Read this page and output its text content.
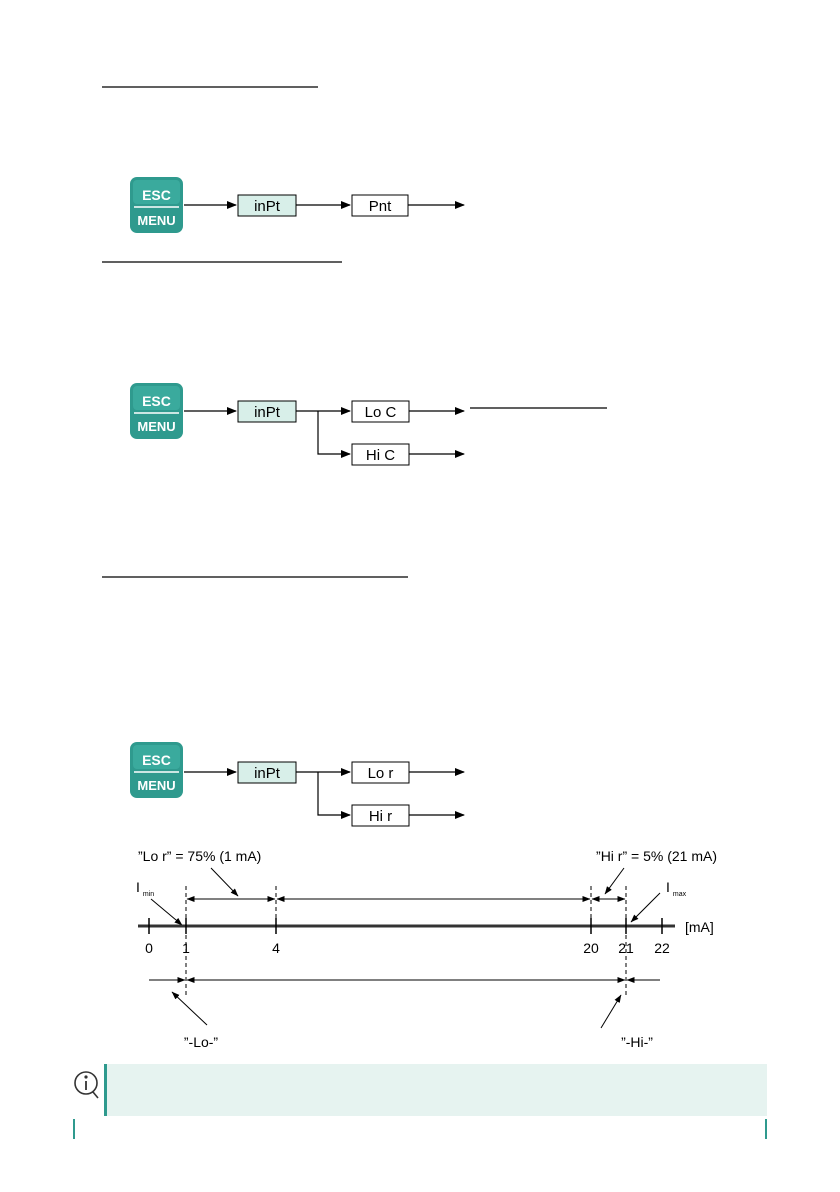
ESC
MENU
inPt	Pnt
ESC
MENU
inPt	Lo C
Hi C
ESC
MENU
inPt	Lo r
Hi r
”Lo r” = 75% (1 mA)	”Hi r” = 5% (21 mA)
I $_{min}$	I $_{max}$
[mA]
0 1	4	20 21 22
”-Lo-”	”-Hi-”
